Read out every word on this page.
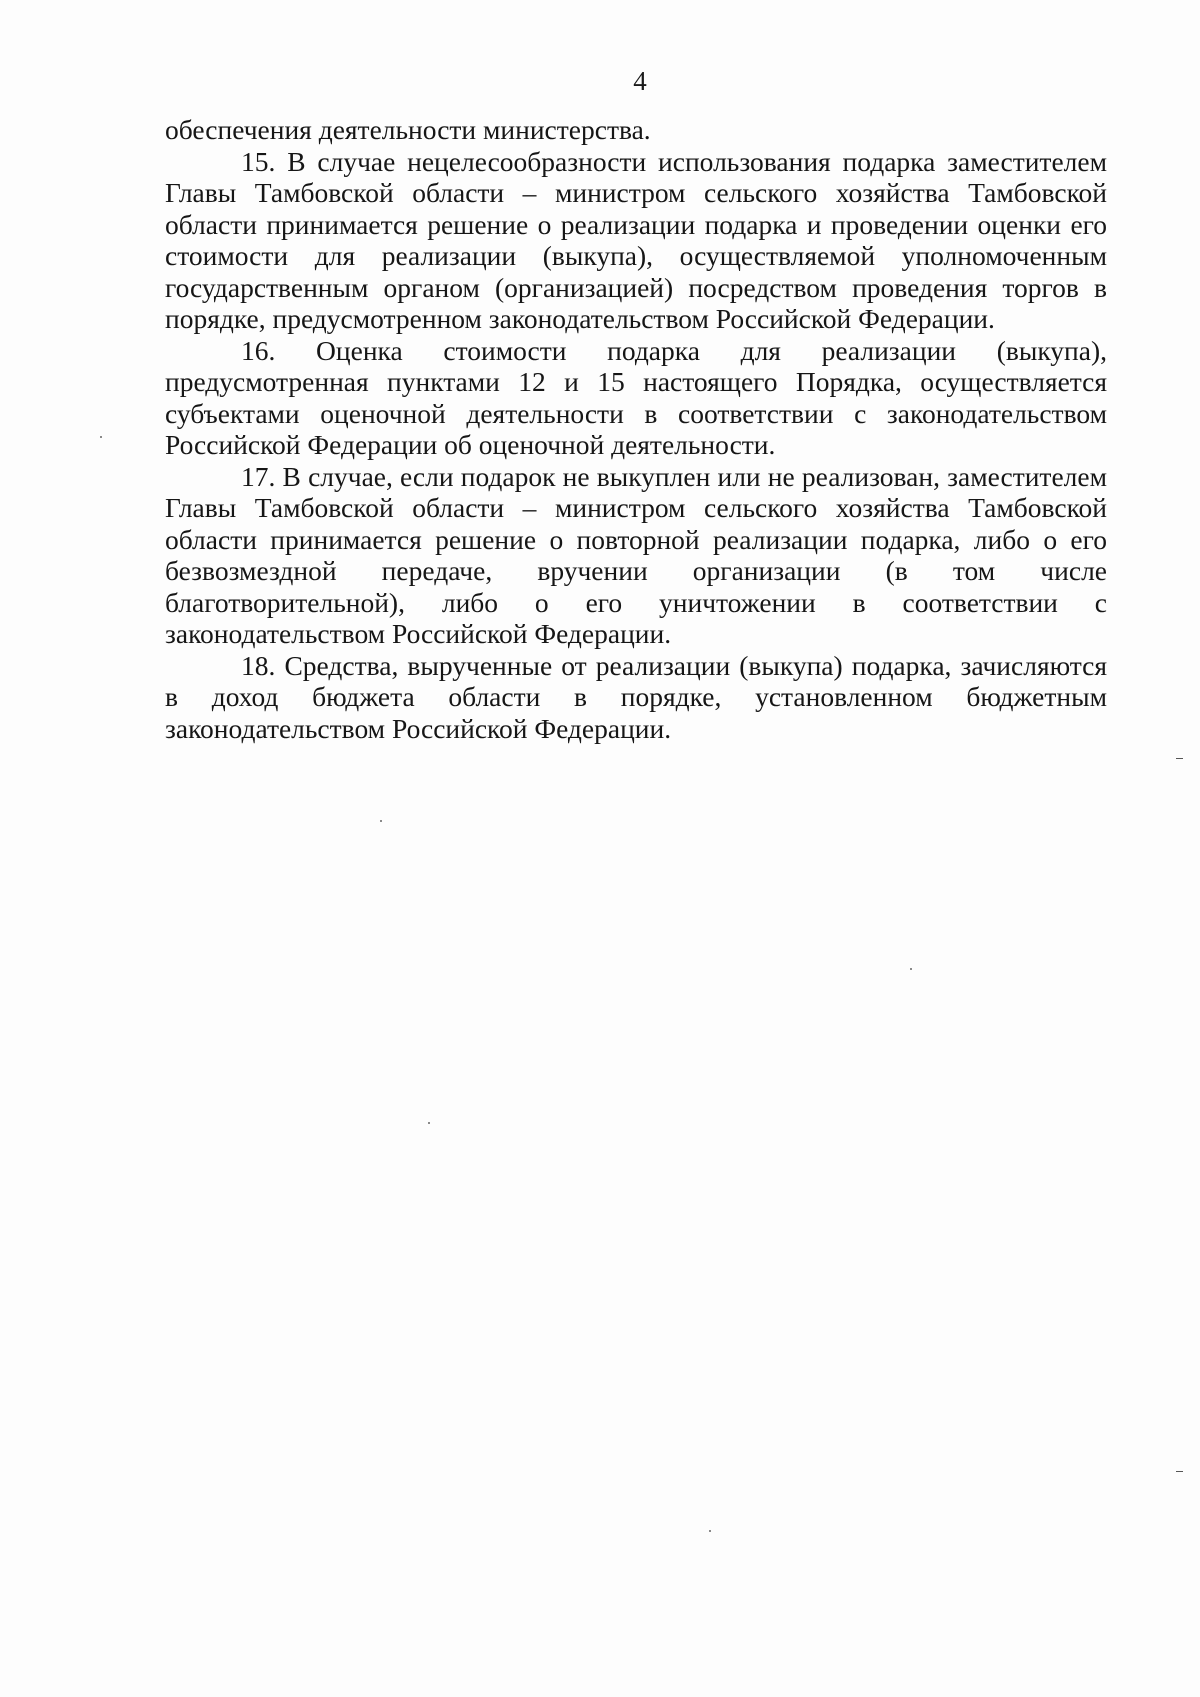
4

обеспечения деятельности министерства.

15. В случае нецелесообразности использования подарка заместителем Главы Тамбовской области – министром сельского хозяйства Тамбовской области принимается решение о реализации подарка и проведении оценки его стоимости для реализации (выкупа), осуществляемой уполномоченным государственным органом (организацией) посредством проведения торгов в порядке, предусмотренном законодательством Российской Федерации.

16. Оценка стоимости подарка для реализации (выкупа), предусмотренная пунктами 12 и 15 настоящего Порядка, осуществляется субъектами оценочной деятельности в соответствии с законодательством Российской Федерации об оценочной деятельности.

17. В случае, если подарок не выкуплен или не реализован, заместителем Главы Тамбовской области – министром сельского хозяйства Тамбовской области принимается решение о повторной реализации подарка, либо о его безвозмездной передаче, вручении организации (в том числе благотворительной), либо о его уничтожении в соответствии с законодательством Российской Федерации.

18. Средства, вырученные от реализации (выкупа) подарка, зачисляются в доход бюджета области в порядке, установленном бюджетным законодательством Российской Федерации.
